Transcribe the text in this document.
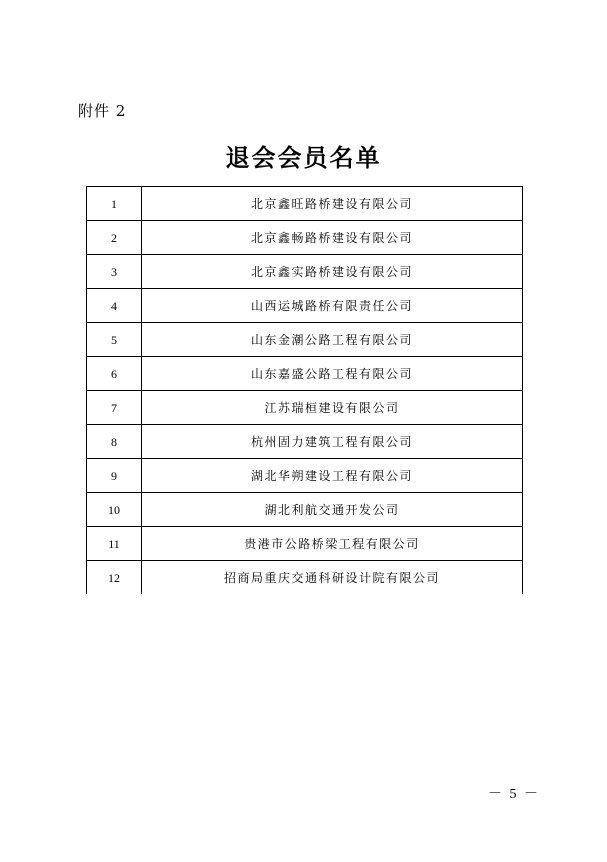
附件 2
退会会员名单
1	北京鑫旺路桥建设有限公司
2	北京鑫畅路桥建设有限公司
3	北京鑫实路桥建设有限公司
4	山西运城路桥有限责任公司
5	山东金潮公路工程有限公司
6	山东嘉盛公路工程有限公司
7	江苏瑞桓建设有限公司
8	杭州固力建筑工程有限公司
9	湖北华朔建设工程有限公司
10	湖北利航交通开发公司
11	贵港市公路桥梁工程有限公司
12	招商局重庆交通科研设计院有限公司
－ 5 －
